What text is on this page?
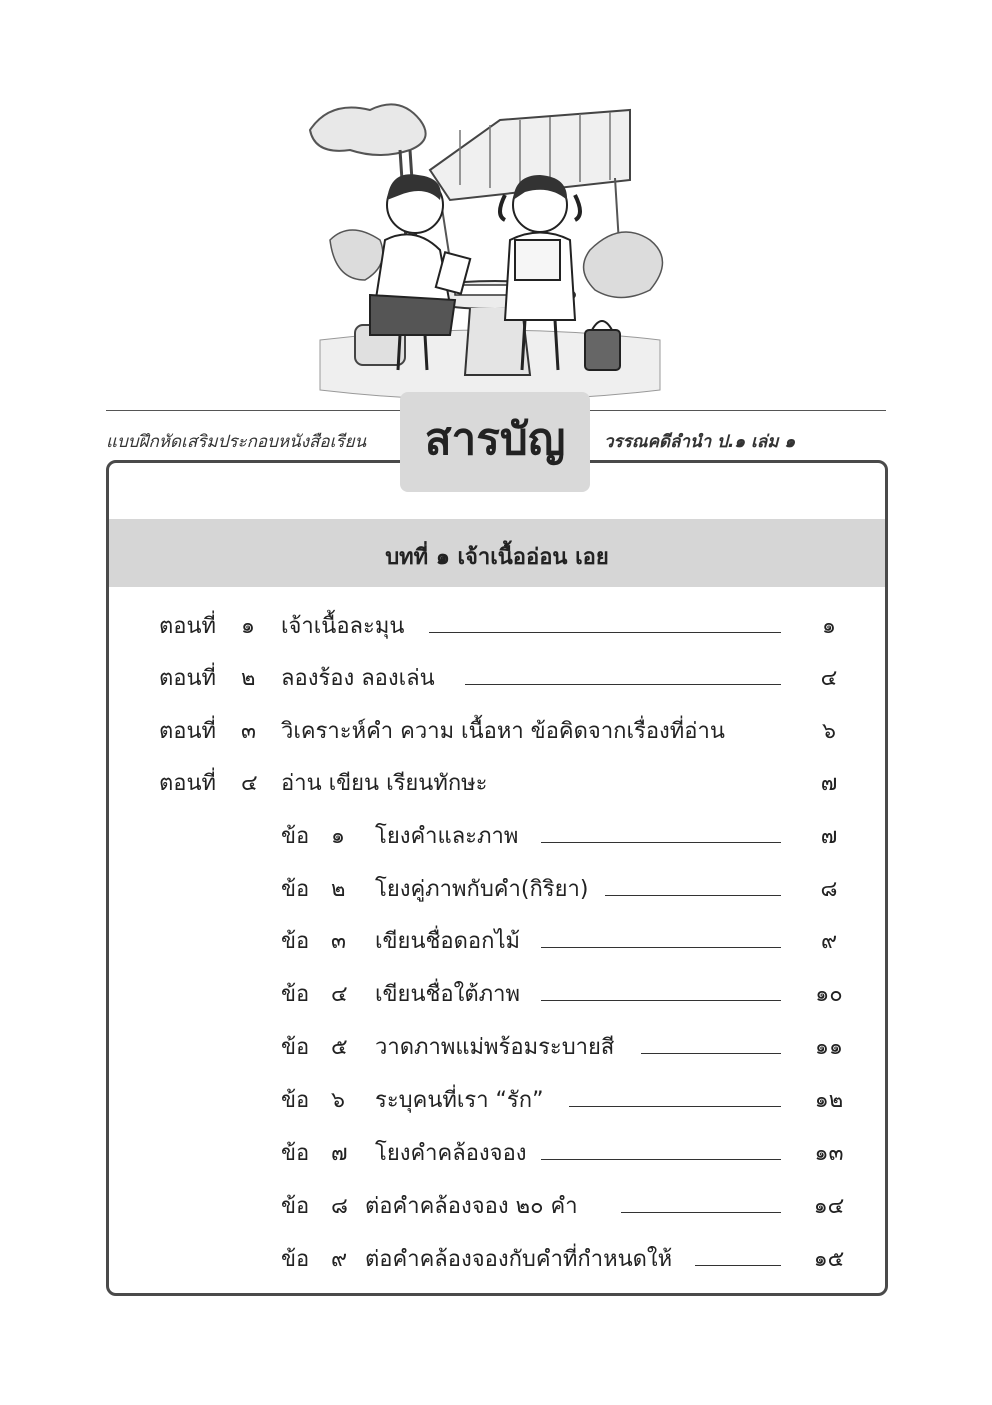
แบบฝึกหัดเสริมประกอบหนังสือเรียน	วรรณคดีลำนำ ป.๑ เล่ม ๑
บทที่ ๑ เจ้าเนื้ออ่อน เอย
ตอนที่ ๑ เจ้าเนื้อละมุน	๑
ตอนที่ ๒ ลองร้อง ลองเล่น	๔
ตอนที่ ๓ วิเคราะห์คำ ความ เนื้อหา ข้อคิดจากเรื่องที่อ่าน	๖
ตอนที่ ๔ อ่าน เขียน เรียนทักษะ	๗
ข้อ ๑ โยงคำและภาพ	๗
ข้อ ๒ โยงคู่ภาพกับคำ(กิริยา)	๘
ข้อ ๓ เขียนชื่อดอกไม้	๙
ข้อ ๔ เขียนชื่อใต้ภาพ	๑๐
ข้อ ๕ วาดภาพแม่พร้อมระบายสี	๑๑
ข้อ ๖ ระบุคนที่เรา “รัก”	๑๒
ข้อ ๗ โยงคำคล้องจอง	๑๓
ข้อ ๘ ต่อคำคล้องจอง ๒๐ คำ	๑๔
ข้อ ๙ ต่อคำคล้องจองกับคำที่กำหนดให้	๑๕
สารบัญ
